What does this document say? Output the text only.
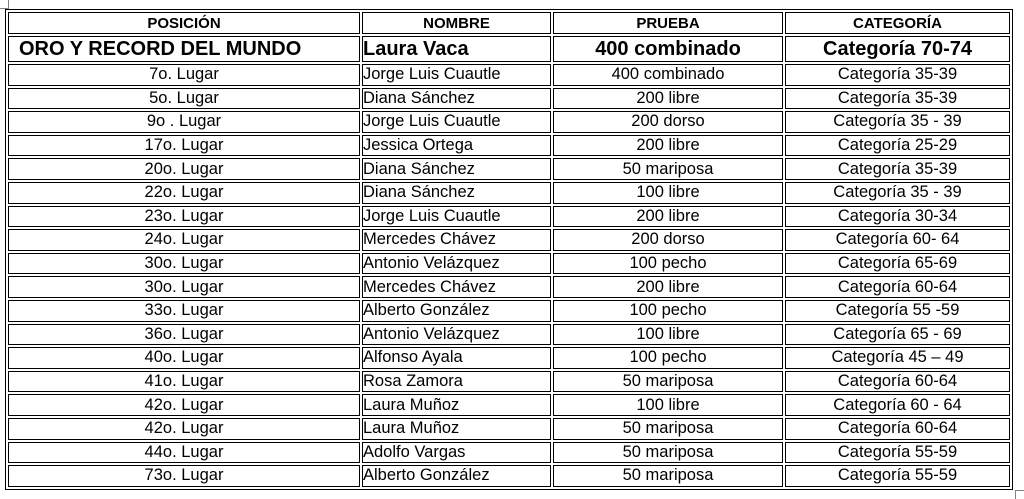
POSICIÓN	NOMBRE	PRUEBA	CATEGORÍA
ORO Y RECORD DEL MUNDO	Laura Vaca	400 combinado	Categoría 70-74
7o. Lugar	Jorge Luis Cuautle	400 combinado	Categoría 35-39
5o. Lugar	Diana Sánchez	200 libre	Categoría 35-39
9o . Lugar	Jorge Luis Cuautle	200 dorso	Categoría 35 - 39
17o. Lugar	Jessica Ortega	200 libre	Categoría 25-29
20o. Lugar	Diana Sánchez	50 mariposa	Categoría 35-39
22o. Lugar	Diana Sánchez	100 libre	Categoría 35 - 39
23o. Lugar	Jorge Luis Cuautle	200 libre	Categoría 30-34
24o. Lugar	Mercedes Chávez	200 dorso	Categoría 60- 64
30o. Lugar	Antonio Velázquez	100 pecho	Categoría 65-69
30o. Lugar	Mercedes Chávez	200 libre	Categoría 60-64
33o. Lugar	Alberto González	100 pecho	Categoría 55 -59
36o. Lugar	Antonio Velázquez	100 libre	Categoría 65 - 69
40o. Lugar	Alfonso Ayala	100 pecho	Categoría 45 – 49
41o. Lugar	Rosa Zamora	50 mariposa	Categoría 60-64
42o. Lugar	Laura Muñoz	100 libre	Categoría 60 - 64
42o. Lugar	Laura Muñoz	50 mariposa	Categoría 60-64
44o. Lugar	Adolfo Vargas	50 mariposa	Categoría 55-59
73o. Lugar	Alberto González	50 mariposa	Categoría 55-59
